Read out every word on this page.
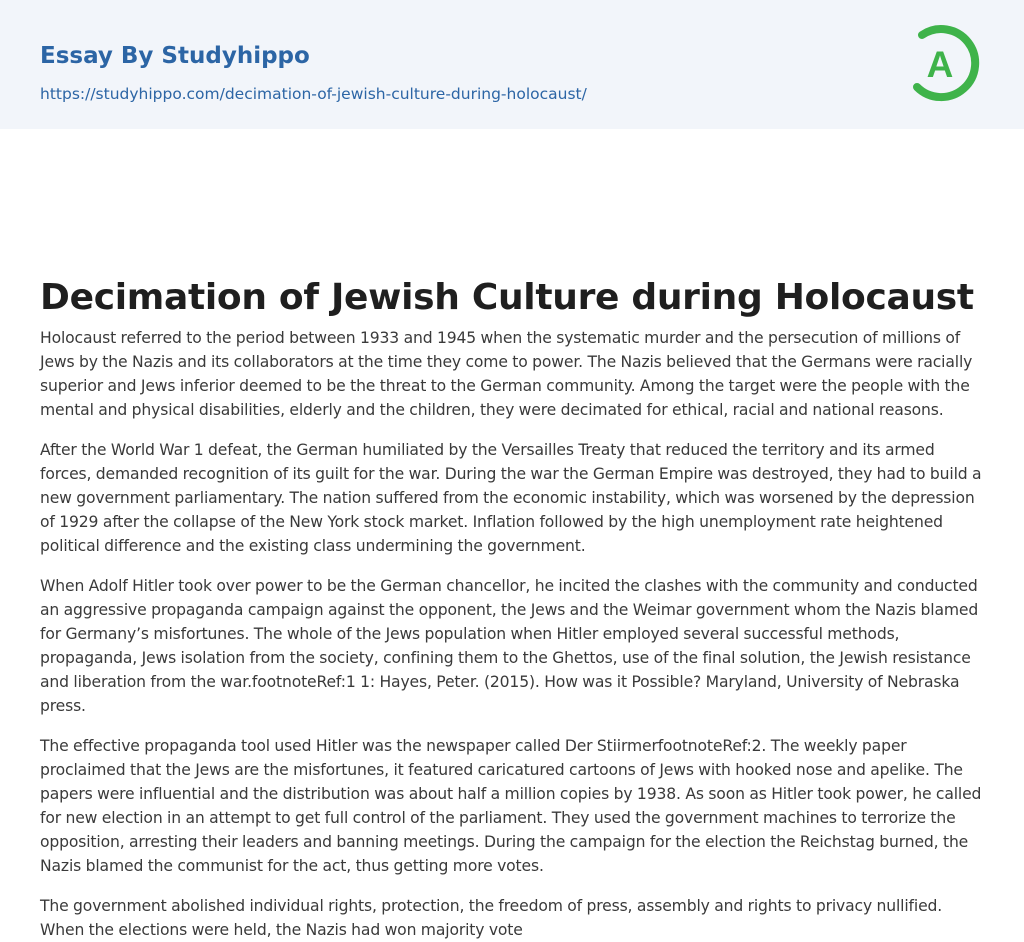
Essay By Studyhippo
https://studyhippo.com/decimation-of-jewish-culture-during-holocaust/
A
Decimation of Jewish Culture during Holocaust

Holocaust referred to the period between 1933 and 1945 when the systematic murder and the persecution of millions of Jews by the Nazis and its collaborators at the time they come to power. The Nazis believed that the Germans were racially superior and Jews inferior deemed to be the threat to the German community. Among the target were the people with the mental and physical disabilities, elderly and the children, they were decimated for ethical, racial and national reasons.

After the World War 1 defeat, the German humiliated by the Versailles Treaty that reduced the territory and its armed forces, demanded recognition of its guilt for the war. During the war the German Empire was destroyed, they had to build a new government parliamentary. The nation suffered from the economic instability, which was worsened by the depression of 1929 after the collapse of the New York stock market. Inflation followed by the high unemployment rate heightened political difference and the existing class undermining the government.

When Adolf Hitler took over power to be the German chancellor, he incited the clashes with the community and conducted an aggressive propaganda campaign against the opponent, the Jews and the Weimar government whom the Nazis blamed for Germany’s misfortunes. The whole of the Jews population when Hitler employed several successful methods, propaganda, Jews isolation from the society, confining them to the Ghettos, use of the final solution, the Jewish resistance and liberation from the war.footnoteRef:1 1: Hayes, Peter. (2015). How was it Possible? Maryland, University of Nebraska press.

The effective propaganda tool used Hitler was the newspaper called Der StiirmerfootnoteRef:2. The weekly paper proclaimed that the Jews are the misfortunes, it featured caricatured cartoons of Jews with hooked nose and apelike. The papers were influential and the distribution was about half a million copies by 1938. As soon as Hitler took power, he called for new election in an attempt to get full control of the parliament. They used the government machines to terrorize the opposition, arresting their leaders and banning meetings. During the campaign for the election the Reichstag burned, the Nazis blamed the communist for the act, thus getting more votes.

The government abolished individual rights, protection, the freedom of press, assembly and rights to privacy nullified. When the elections were held, the Nazis had won majority vote
